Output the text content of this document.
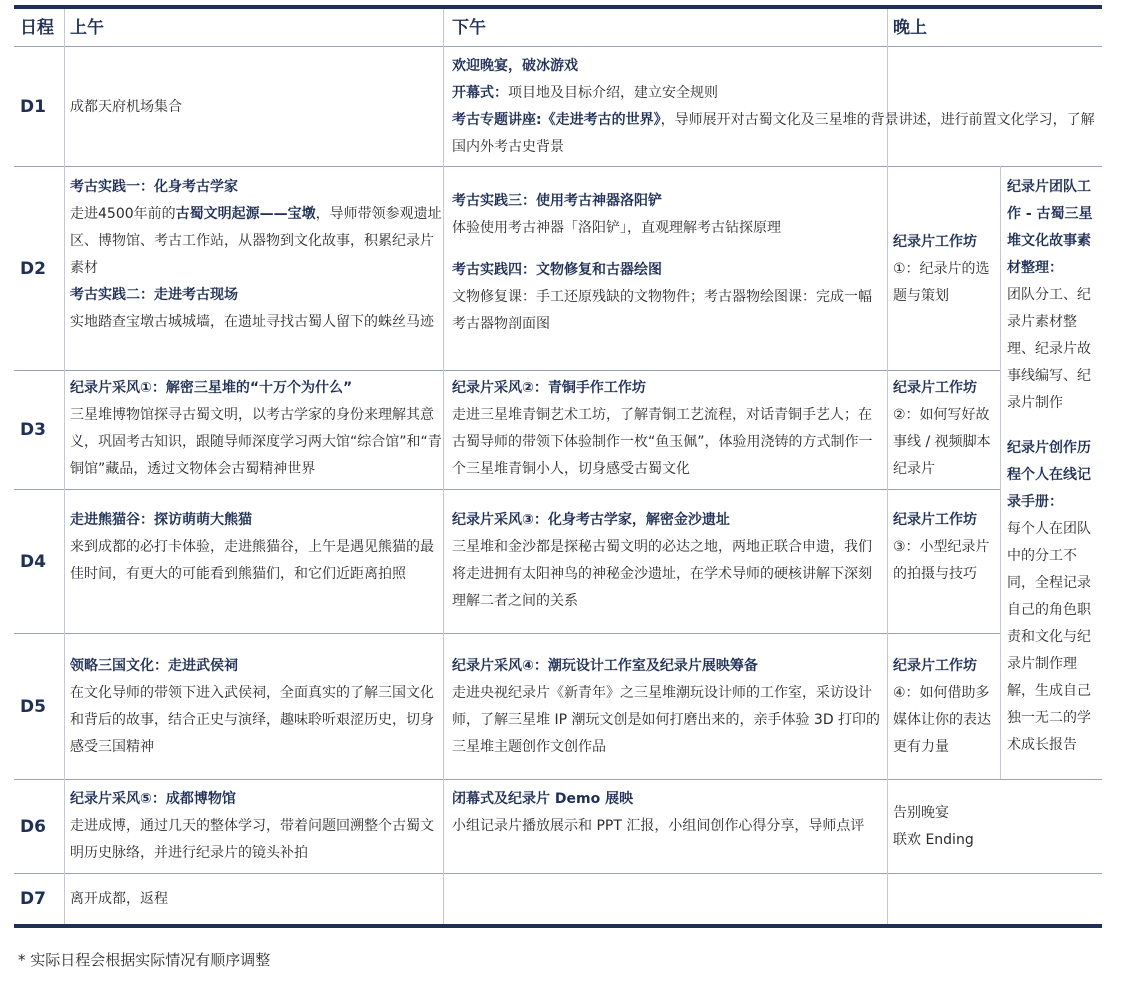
日程 上午	下午	晚上
D1
D2
D3
D4
D5
D6
D7
成都天府机场集合
欢迎晚宴，破冰游戏
开幕式：项目地及目标介绍，建立安全规则
考古专题讲座:《走进考古的世界》，导师展开对古蜀文化及三星堆的背景讲述，进行前置文化学习，了解国内外考古史背景
考古实践一：化身考古学家
走进4500年前的古蜀文明起源——宝墩，导师带领参观遗址区、博物馆、考古工作站，从器物到文化故事，积累纪录片素材
考古实践二：走进考古现场
实地踏查宝墩古城城墙，在遗址寻找古蜀人留下的蛛丝马迹
考古实践三：使用考古神器洛阳铲
体验使用考古神器「洛阳铲」，直观理解考古钻探原理
考古实践四：文物修复和古器绘图
文物修复课：手工还原残缺的文物物件；考古器物绘图课：完成一幅考古器物剖面图
纪录片工作坊
①：纪录片的选题与策划
纪录片采风①：解密三星堆的“十万个为什么”
三星堆博物馆探寻古蜀文明，以考古学家的身份来理解其意义，巩固考古知识，跟随导师深度学习两大馆“综合馆”和“青铜馆”藏品，透过文物体会古蜀精神世界
纪录片采风②：青铜手作工作坊
走进三星堆青铜艺术工坊，了解青铜工艺流程，对话青铜手艺人；在古蜀导师的带领下体验制作一枚“鱼玉佩”，体验用浇铸的方式制作一个三星堆青铜小人，切身感受古蜀文化
纪录片工作坊
②：如何写好故事线 / 视频脚本纪录片
走进熊猫谷：探访萌萌大熊猫
来到成都的必打卡体验，走进熊猫谷，上午是遇见熊猫的最佳时间，有更大的可能看到熊猫们，和它们近距离拍照
纪录片采风③：化身考古学家，解密金沙遗址
三星堆和金沙都是探秘古蜀文明的必达之地，两地正联合申遗，我们将走进拥有太阳神鸟的神秘金沙遗址，在学术导师的硬核讲解下深刻理解二者之间的关系
纪录片工作坊
③：小型纪录片的拍摄与技巧
领略三国文化：走进武侯祠
在文化导师的带领下进入武侯祠，全面真实的了解三国文化和背后的故事，结合正史与演绎，趣味聆听艰涩历史，切身感受三国精神
纪录片采风④：潮玩设计工作室及纪录片展映筹备
走进央视纪录片《新青年》之三星堆潮玩设计师的工作室，采访设计师，了解三星堆 IP 潮玩文创是如何打磨出来的，亲手体验 3D 打印的三星堆主题创作文创作品
纪录片工作坊
④：如何借助多媒体让你的表达更有力量
纪录片采风⑤：成都博物馆
走进成博，通过几天的整体学习，带着问题回溯整个古蜀文明历史脉络，并进行纪录片的镜头补拍
闭幕式及纪录片 Demo 展映
小组记录片播放展示和 PPT 汇报，小组间创作心得分享，导师点评
告别晚宴
联欢 Ending
离开成都，返程
纪录片团队工作 - 古蜀三星堆文化故事素材整理：
团队分工、纪录片素材整理、纪录片故事线编写、纪录片制作
纪录片创作历程个人在线记录手册：
每个人在团队中的分工不同，全程记录自己的角色职责和文化与纪录片制作理解，生成自己独一无二的学术成长报告
* 实际日程会根据实际情况有顺序调整
